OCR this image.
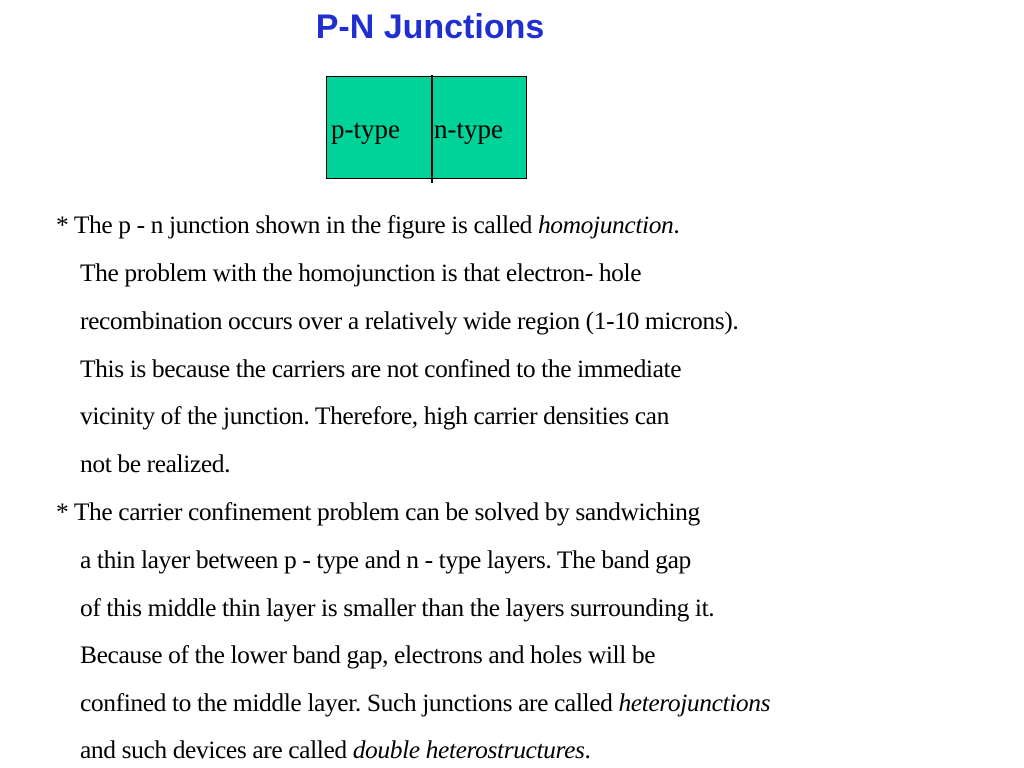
P-N Junctions
p-type n-type
* The p - n junction shown in the figure is called homojunction.
The problem with the homojunction is that electron- hole
recombination occurs over a relatively wide region (1-10 microns).
This is because the carriers are not confined to the immediate
vicinity of the junction. Therefore, high carrier densities can
not be realized.
* The carrier confinement problem can be solved by sandwiching
a thin layer between p - type and n - type layers. The band gap
of this middle thin layer is smaller than the layers surrounding it.
Because of the lower band gap, electrons and holes will be
confined to the middle layer. Such junctions are called heterojunctions
and such devices are called double heterostructures.
